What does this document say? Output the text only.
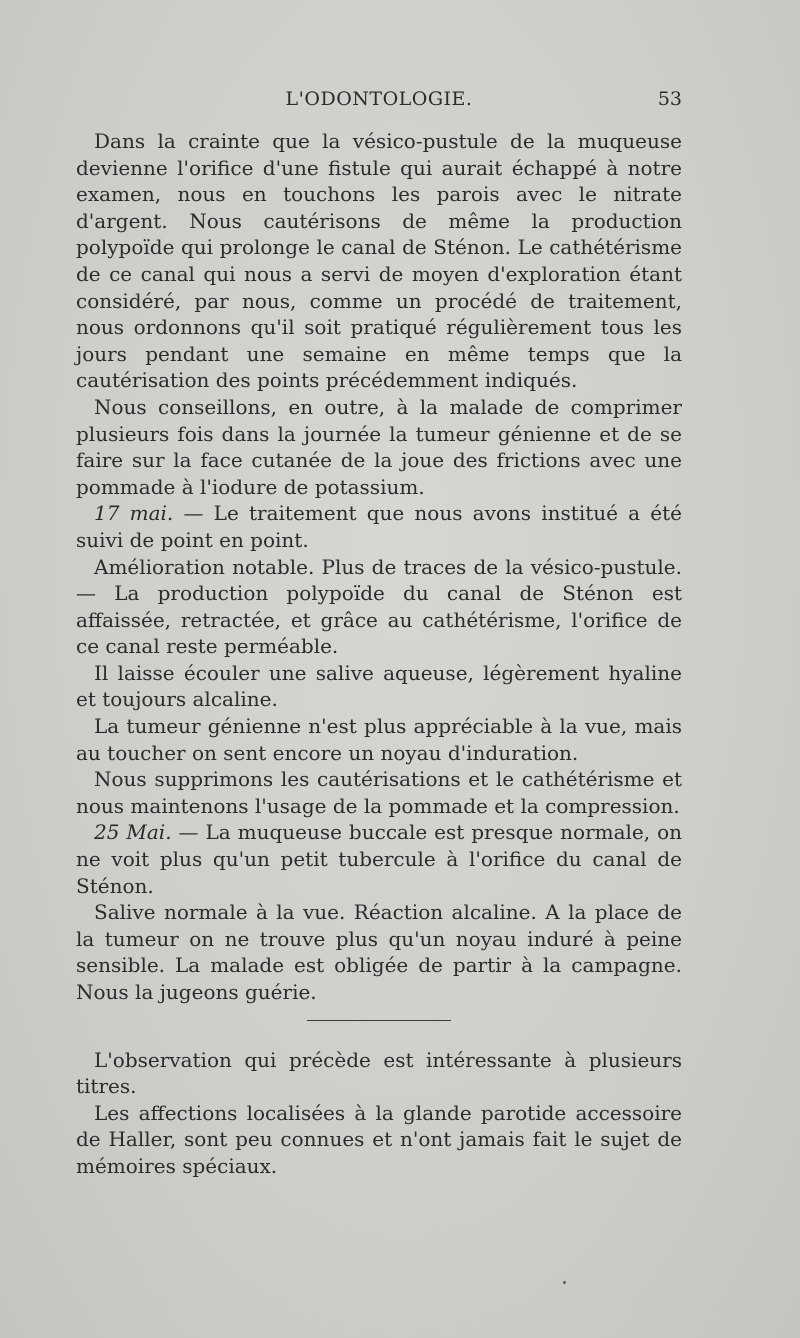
L'ODONTOLOGIE.	53

Dans la crainte que la vésico-pustule de la muqueuse devienne l'orifice d'une fistule qui aurait échappé à notre examen, nous en touchons les parois avec le nitrate d'argent. Nous cautérisons de même la production polypoïde qui prolonge le canal de Sténon. Le cathétérisme de ce canal qui nous a servi de moyen d'exploration étant considéré, par nous, comme un procédé de traitement, nous ordonnons qu'il soit pratiqué régulièrement tous les jours pendant une semaine en même temps que la cautérisation des points précédemment indiqués.

Nous conseillons, en outre, à la malade de comprimer plusieurs fois dans la journée la tumeur génienne et de se faire sur la face cutanée de la joue des frictions avec une pommade à l'iodure de potassium.

17 mai. — Le traitement que nous avons institué a été suivi de point en point.

Amélioration notable. Plus de traces de la vésico-pustule. — La production polypoïde du canal de Sténon est affaissée, retractée, et grâce au cathétérisme, l'orifice de ce canal reste perméable.

Il laisse écouler une salive aqueuse, légèrement hyaline et toujours alcaline.

La tumeur génienne n'est plus appréciable à la vue, mais au toucher on sent encore un noyau d'induration.

Nous supprimons les cautérisations et le cathétérisme et nous maintenons l'usage de la pommade et la compression.

25 Mai. — La muqueuse buccale est presque normale, on ne voit plus qu'un petit tubercule à l'orifice du canal de Sténon.

Salive normale à la vue. Réaction alcaline. A la place de la tumeur on ne trouve plus qu'un noyau induré à peine sensible. La malade est obligée de partir à la campagne. Nous la jugeons guérie.

L'observation qui précède est intéressante à plusieurs titres.

Les affections localisées à la glande parotide accessoire de Haller, sont peu connues et n'ont jamais fait le sujet de mémoires spéciaux.
